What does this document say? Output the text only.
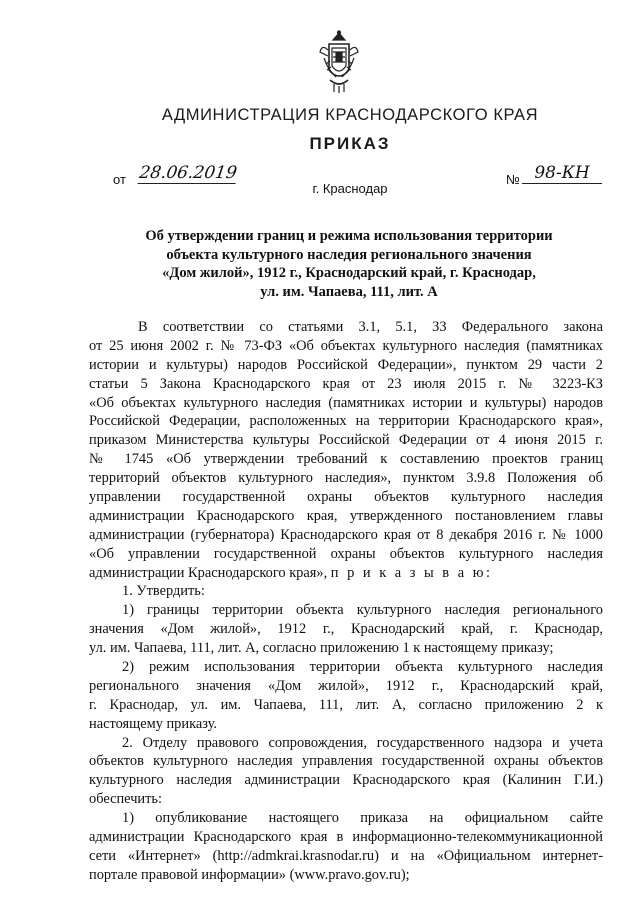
АДМИНИСТРАЦИЯ КРАСНОДАРСКОГО КРАЯ
ПРИКАЗ
от 28.06.2019	№ 98-КН
г. Краснодар
Об утверждении границ и режима использования территории
объекта культурного наследия регионального значения
«Дом жилой», 1912 г., Краснодарский край, г. Краснодар,
ул. им. Чапаева, 111, лит. А
В соответствии со статьями 3.1, 5.1, 33 Федерального закона
от 25 июня 2002 г. № 73-ФЗ «Об объектах культурного наследия (памятниках
истории и культуры) народов Российской Федерации», пунктом 29 части 2
статьи 5 Закона Краснодарского края от 23 июля 2015 г. № 3223-КЗ
«Об объектах культурного наследия (памятниках истории и культуры) народов
Российской Федерации, расположенных на территории Краснодарского края»,
приказом Министерства культуры Российской Федерации от 4 июня 2015 г.
№ 1745 «Об утверждении требований к составлению проектов границ
территорий объектов культурного наследия», пунктом 3.9.8 Положения об
управлении государственной охраны объектов культурного наследия
администрации Краснодарского края, утвержденного постановлением главы
администрации (губернатора) Краснодарского края от 8 декабря 2016 г. № 1000
«Об управлении государственной охраны объектов культурного наследия
администрации Краснодарского края», п р и к а з ы в а ю:
1. Утвердить:
1) границы территории объекта культурного наследия регионального
значения «Дом жилой», 1912 г., Краснодарский край, г. Краснодар,
ул. им. Чапаева, 111, лит. А, согласно приложению 1 к настоящему приказу;
2) режим использования территории объекта культурного наследия
регионального значения «Дом жилой», 1912 г., Краснодарский край,
г. Краснодар, ул. им. Чапаева, 111, лит. А, согласно приложению 2 к
настоящему приказу.
2. Отделу правового сопровождения, государственного надзора и учета
объектов культурного наследия управления государственной охраны объектов
культурного наследия администрации Краснодарского края (Калинин Г.И.)
обеспечить:
1) опубликование настоящего приказа на официальном сайте
администрации Краснодарского края в информационно-телекоммуникационной
сети «Интернет» (http://admkrai.krasnodar.ru) и на «Официальном интернет-
портале правовой информации» (www.pravo.gov.ru);
